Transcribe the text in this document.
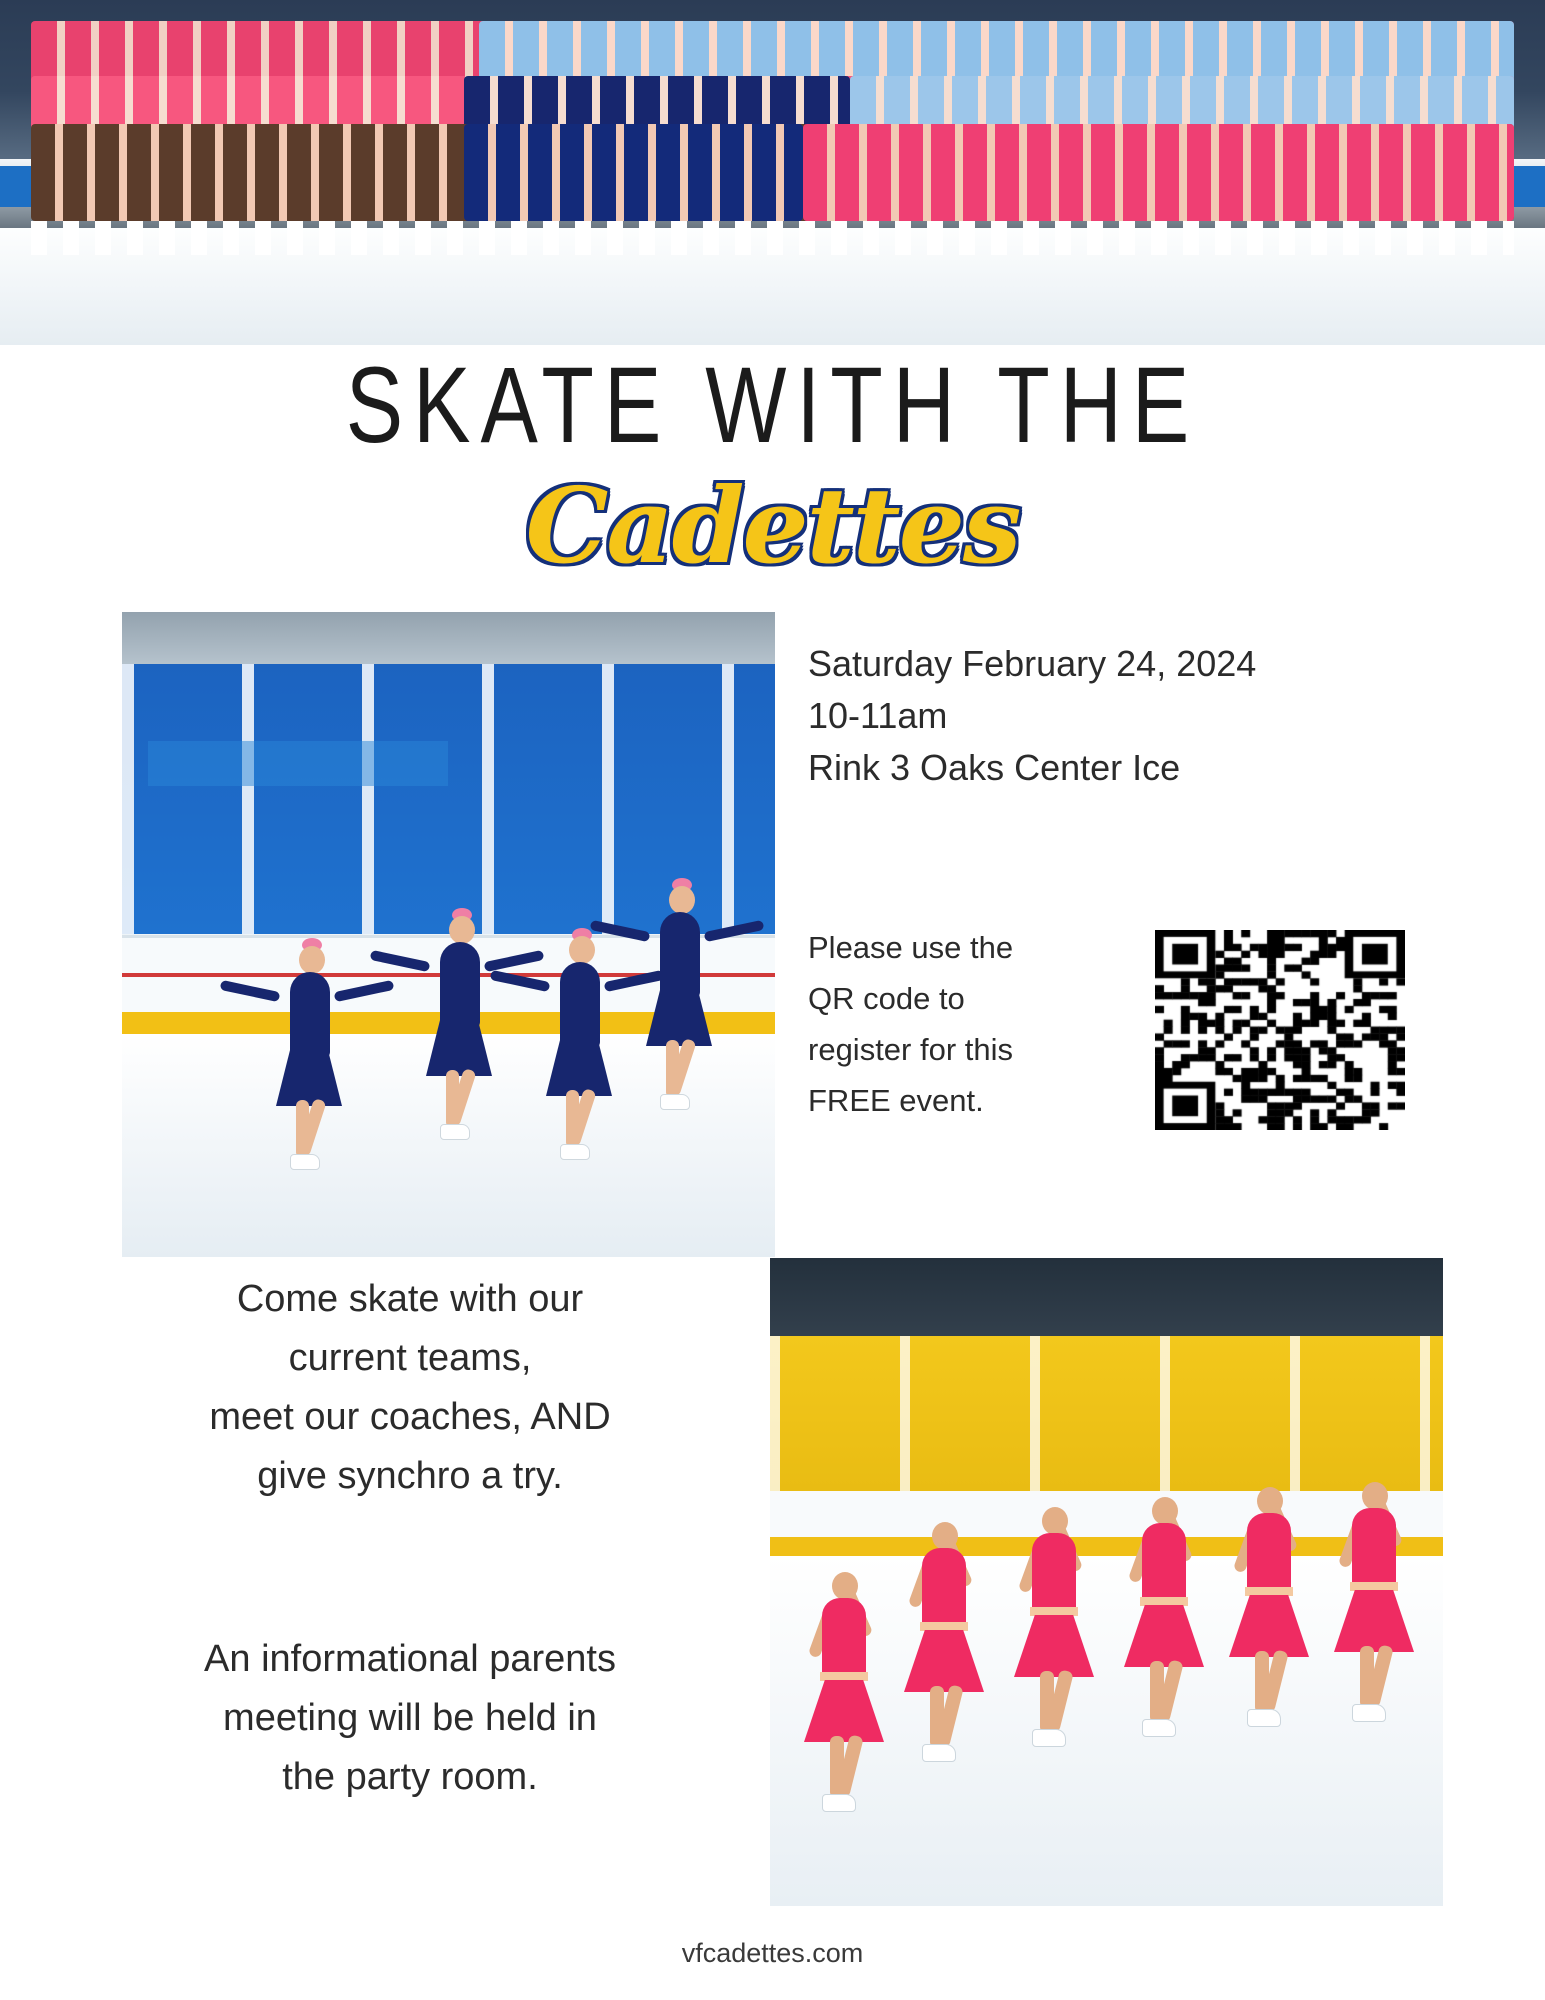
SKATE WITH THE
Cadettes
Saturday February 24, 2024
10-11am
Rink 3 Oaks Center Ice
Please use the
QR code to
register for this
FREE event.
Come skate with our
current teams,
meet our coaches, AND
give synchro a try.
An informational parents
meeting will be held in
the party room.
vfcadettes.com
